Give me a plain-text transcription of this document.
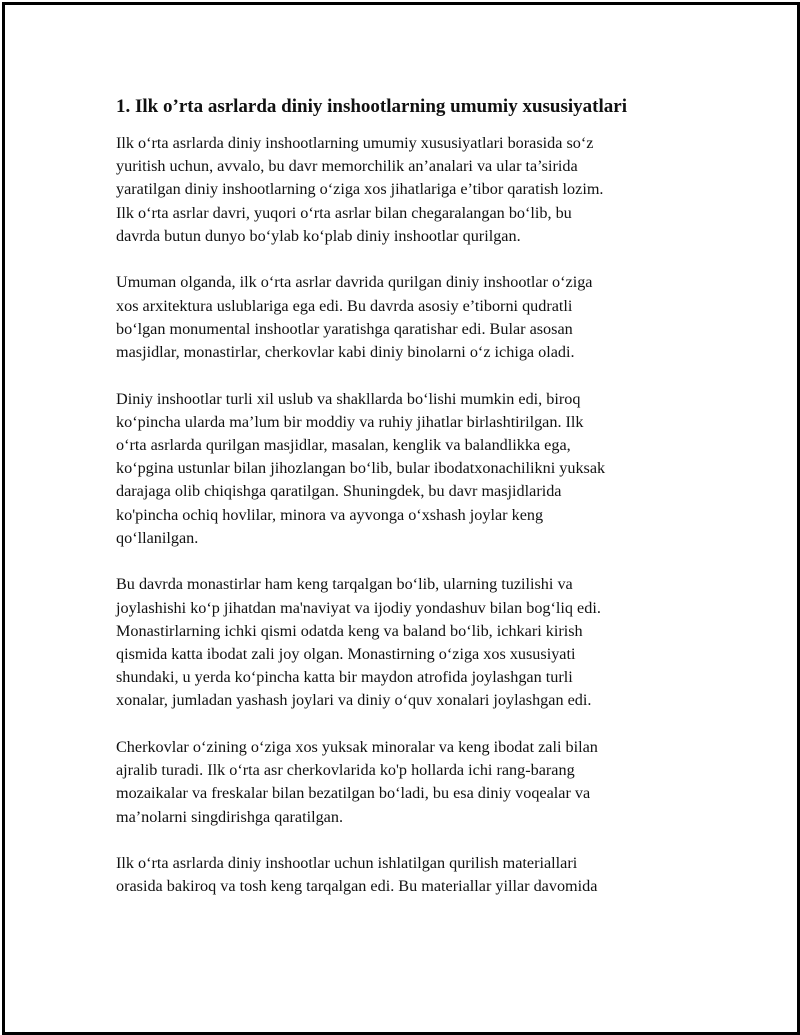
1. Ilk o’rta asrlarda diniy inshootlarning umumiy xususiyatlari

Ilk o‘rta asrlarda diniy inshootlarning umumiy xususiyatlari borasida so‘z
yuritish uchun, avvalo, bu davr memorchilik an’analari va ular ta’sirida
yaratilgan diniy inshootlarning o‘ziga xos jihatlariga e’tibor qaratish lozim.
Ilk o‘rta asrlar davri, yuqori o‘rta asrlar bilan chegaralangan bo‘lib, bu
davrda butun dunyo bo‘ylab ko‘plab diniy inshootlar qurilgan.

Umuman olganda, ilk o‘rta asrlar davrida qurilgan diniy inshootlar o‘ziga
xos arxitektura uslublariga ega edi. Bu davrda asosiy e’tiborni qudratli
bo‘lgan monumental inshootlar yaratishga qaratishar edi. Bular asosan
masjidlar, monastirlar, cherkovlar kabi diniy binolarni o‘z ichiga oladi.

Diniy inshootlar turli xil uslub va shakllarda bo‘lishi mumkin edi, biroq
ko‘pincha ularda ma’lum bir moddiy va ruhiy jihatlar birlashtirilgan. Ilk
o‘rta asrlarda qurilgan masjidlar, masalan, kenglik va balandlikka ega,
ko‘pgina ustunlar bilan jihozlangan bo‘lib, bular ibodatxonachilikni yuksak
darajaga olib chiqishga qaratilgan. Shuningdek, bu davr masjidlarida
ko'pincha ochiq hovlilar, minora va ayvonga o‘xshash joylar keng
qo‘llanilgan.

Bu davrda monastirlar ham keng tarqalgan bo‘lib, ularning tuzilishi va
joylashishi ko‘p jihatdan ma'naviyat va ijodiy yondashuv bilan bog‘liq edi.
Monastirlarning ichki qismi odatda keng va baland bo‘lib, ichkari kirish
qismida katta ibodat zali joy olgan. Monastirning o‘ziga xos xususiyati
shundaki, u yerda ko‘pincha katta bir maydon atrofida joylashgan turli
xonalar, jumladan yashash joylari va diniy o‘quv xonalari joylashgan edi.

Cherkovlar o‘zining o‘ziga xos yuksak minoralar va keng ibodat zali bilan
ajralib turadi. Ilk o‘rta asr cherkovlarida ko'p hollarda ichi rang-barang
mozaikalar va freskalar bilan bezatilgan bo‘ladi, bu esa diniy voqealar va
ma’nolarni singdirishga qaratilgan.

Ilk o‘rta asrlarda diniy inshootlar uchun ishlatilgan qurilish materiallari
orasida bakiroq va tosh keng tarqalgan edi. Bu materiallar yillar davomida
